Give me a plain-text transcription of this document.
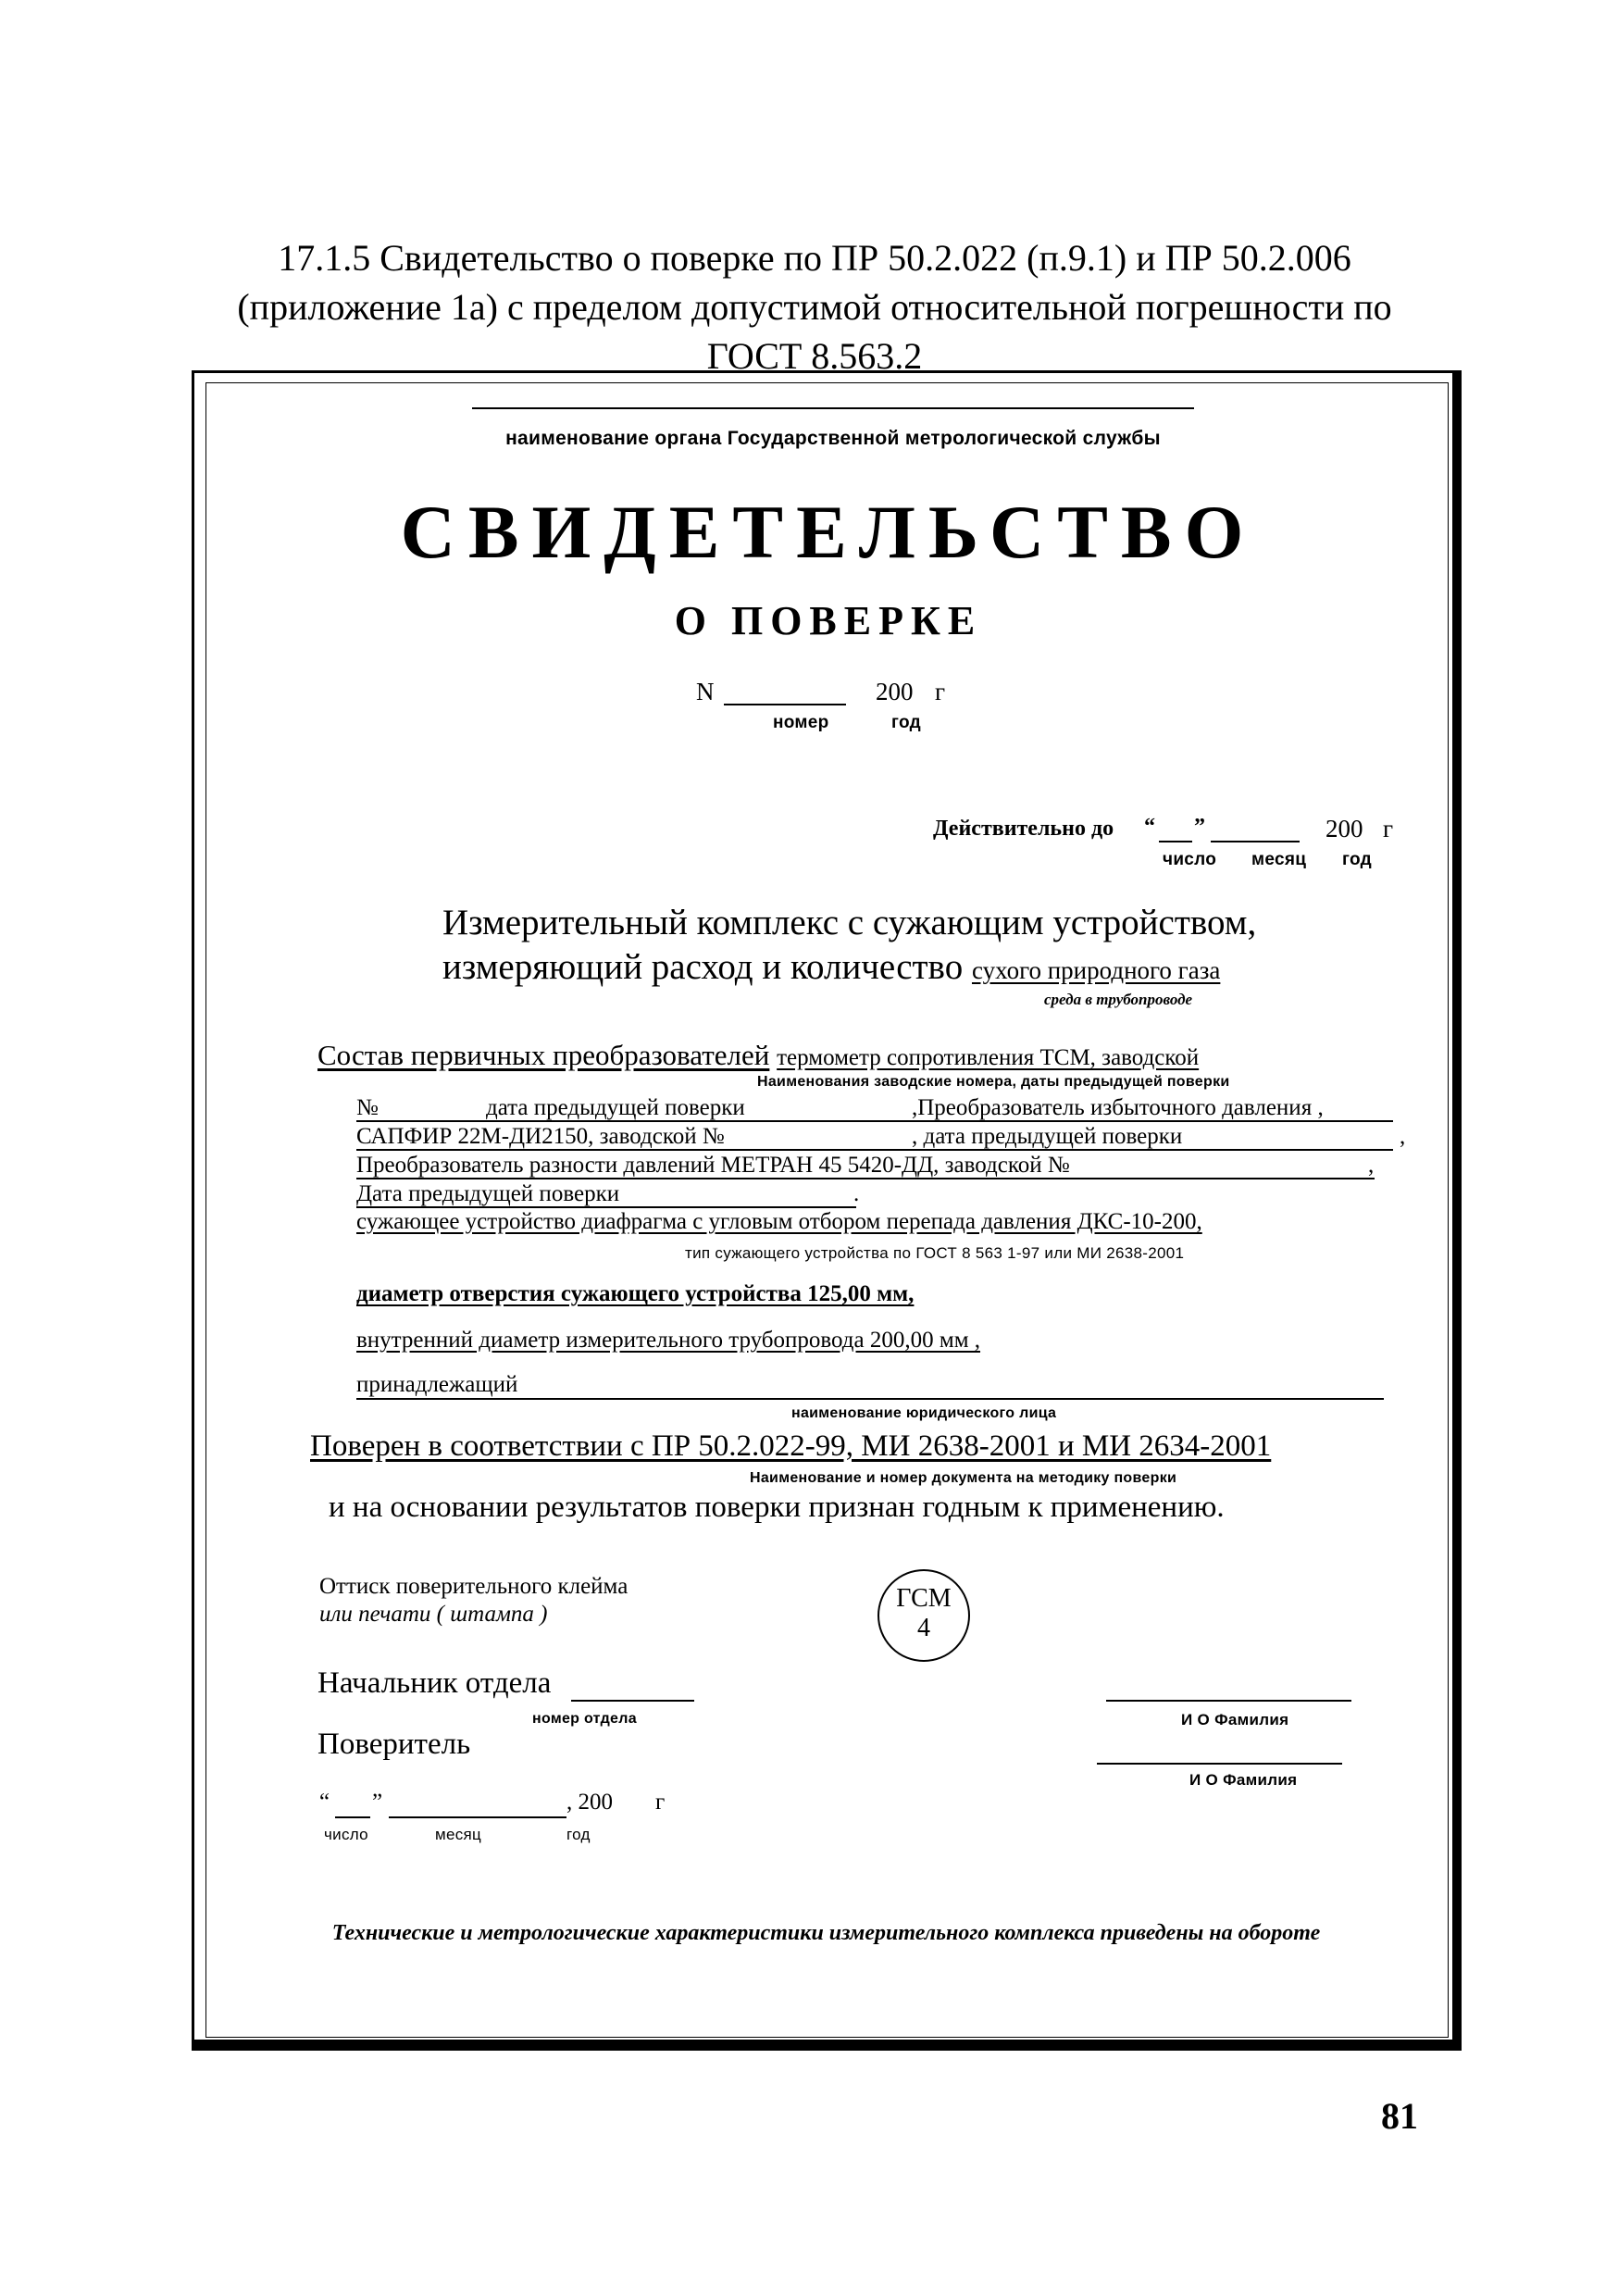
17.1.5 Свидетельство о поверке по ПР 50.2.022 (п.9.1) и ПР 50.2.006
(приложение 1а) с пределом допустимой относительной погрешности по
ГОСТ 8.563.2
наименование органа Государственной метрологической службы
СВИДЕТЕЛЬСТВО
О ПОВЕРКЕ
N	200 г
номер	год
Действительно до “ ”	200 г
число месяц год
Измерительный комплекс с сужающим устройством,
измеряющий расход и количество сухого природного газа
среда в трубопроводе
Состав первичных преобразователей термометр сопротивления ТСМ, заводской
Наименования заводские номера, даты предыдущей поверки
№	дата предыдущей поверки	,Преобразователь избыточного давления ,
САПФИР 22М-ДИ2150, заводской №	, дата предыдущей поверки	,
Преобразователь разности давлений МЕТРАН 45 5420-ДД, заводской №	,
Дата предыдущей поверки	.
сужающее устройство диафрагма с угловым отбором перепада давления ДКС-10-200,
тип сужающего устройства по ГОСТ 8 563 1-97 или МИ 2638-2001
диаметр отверстия сужающего устройства 125,00 мм,
внутренний диаметр измерительного трубопровода 200,00 мм ,
принадлежащий
наименование юридического лица
Поверен в соответствии с ПР 50.2.022-99, МИ 2638-2001 и МИ 2634-2001
Наименование и номер документа на методику поверки
и на основании результатов поверки признан годным к применению.
Оттиск поверительного клейма
или печати ( штампа )
ГСМ
4
Начальник отдела
номер отдела	И О Фамилия
Поверитель
И О Фамилия
“ ”	, 200 г
число	месяц	год
Технические и метрологические характеристики измерительного комплекса приведены на обороте
81
